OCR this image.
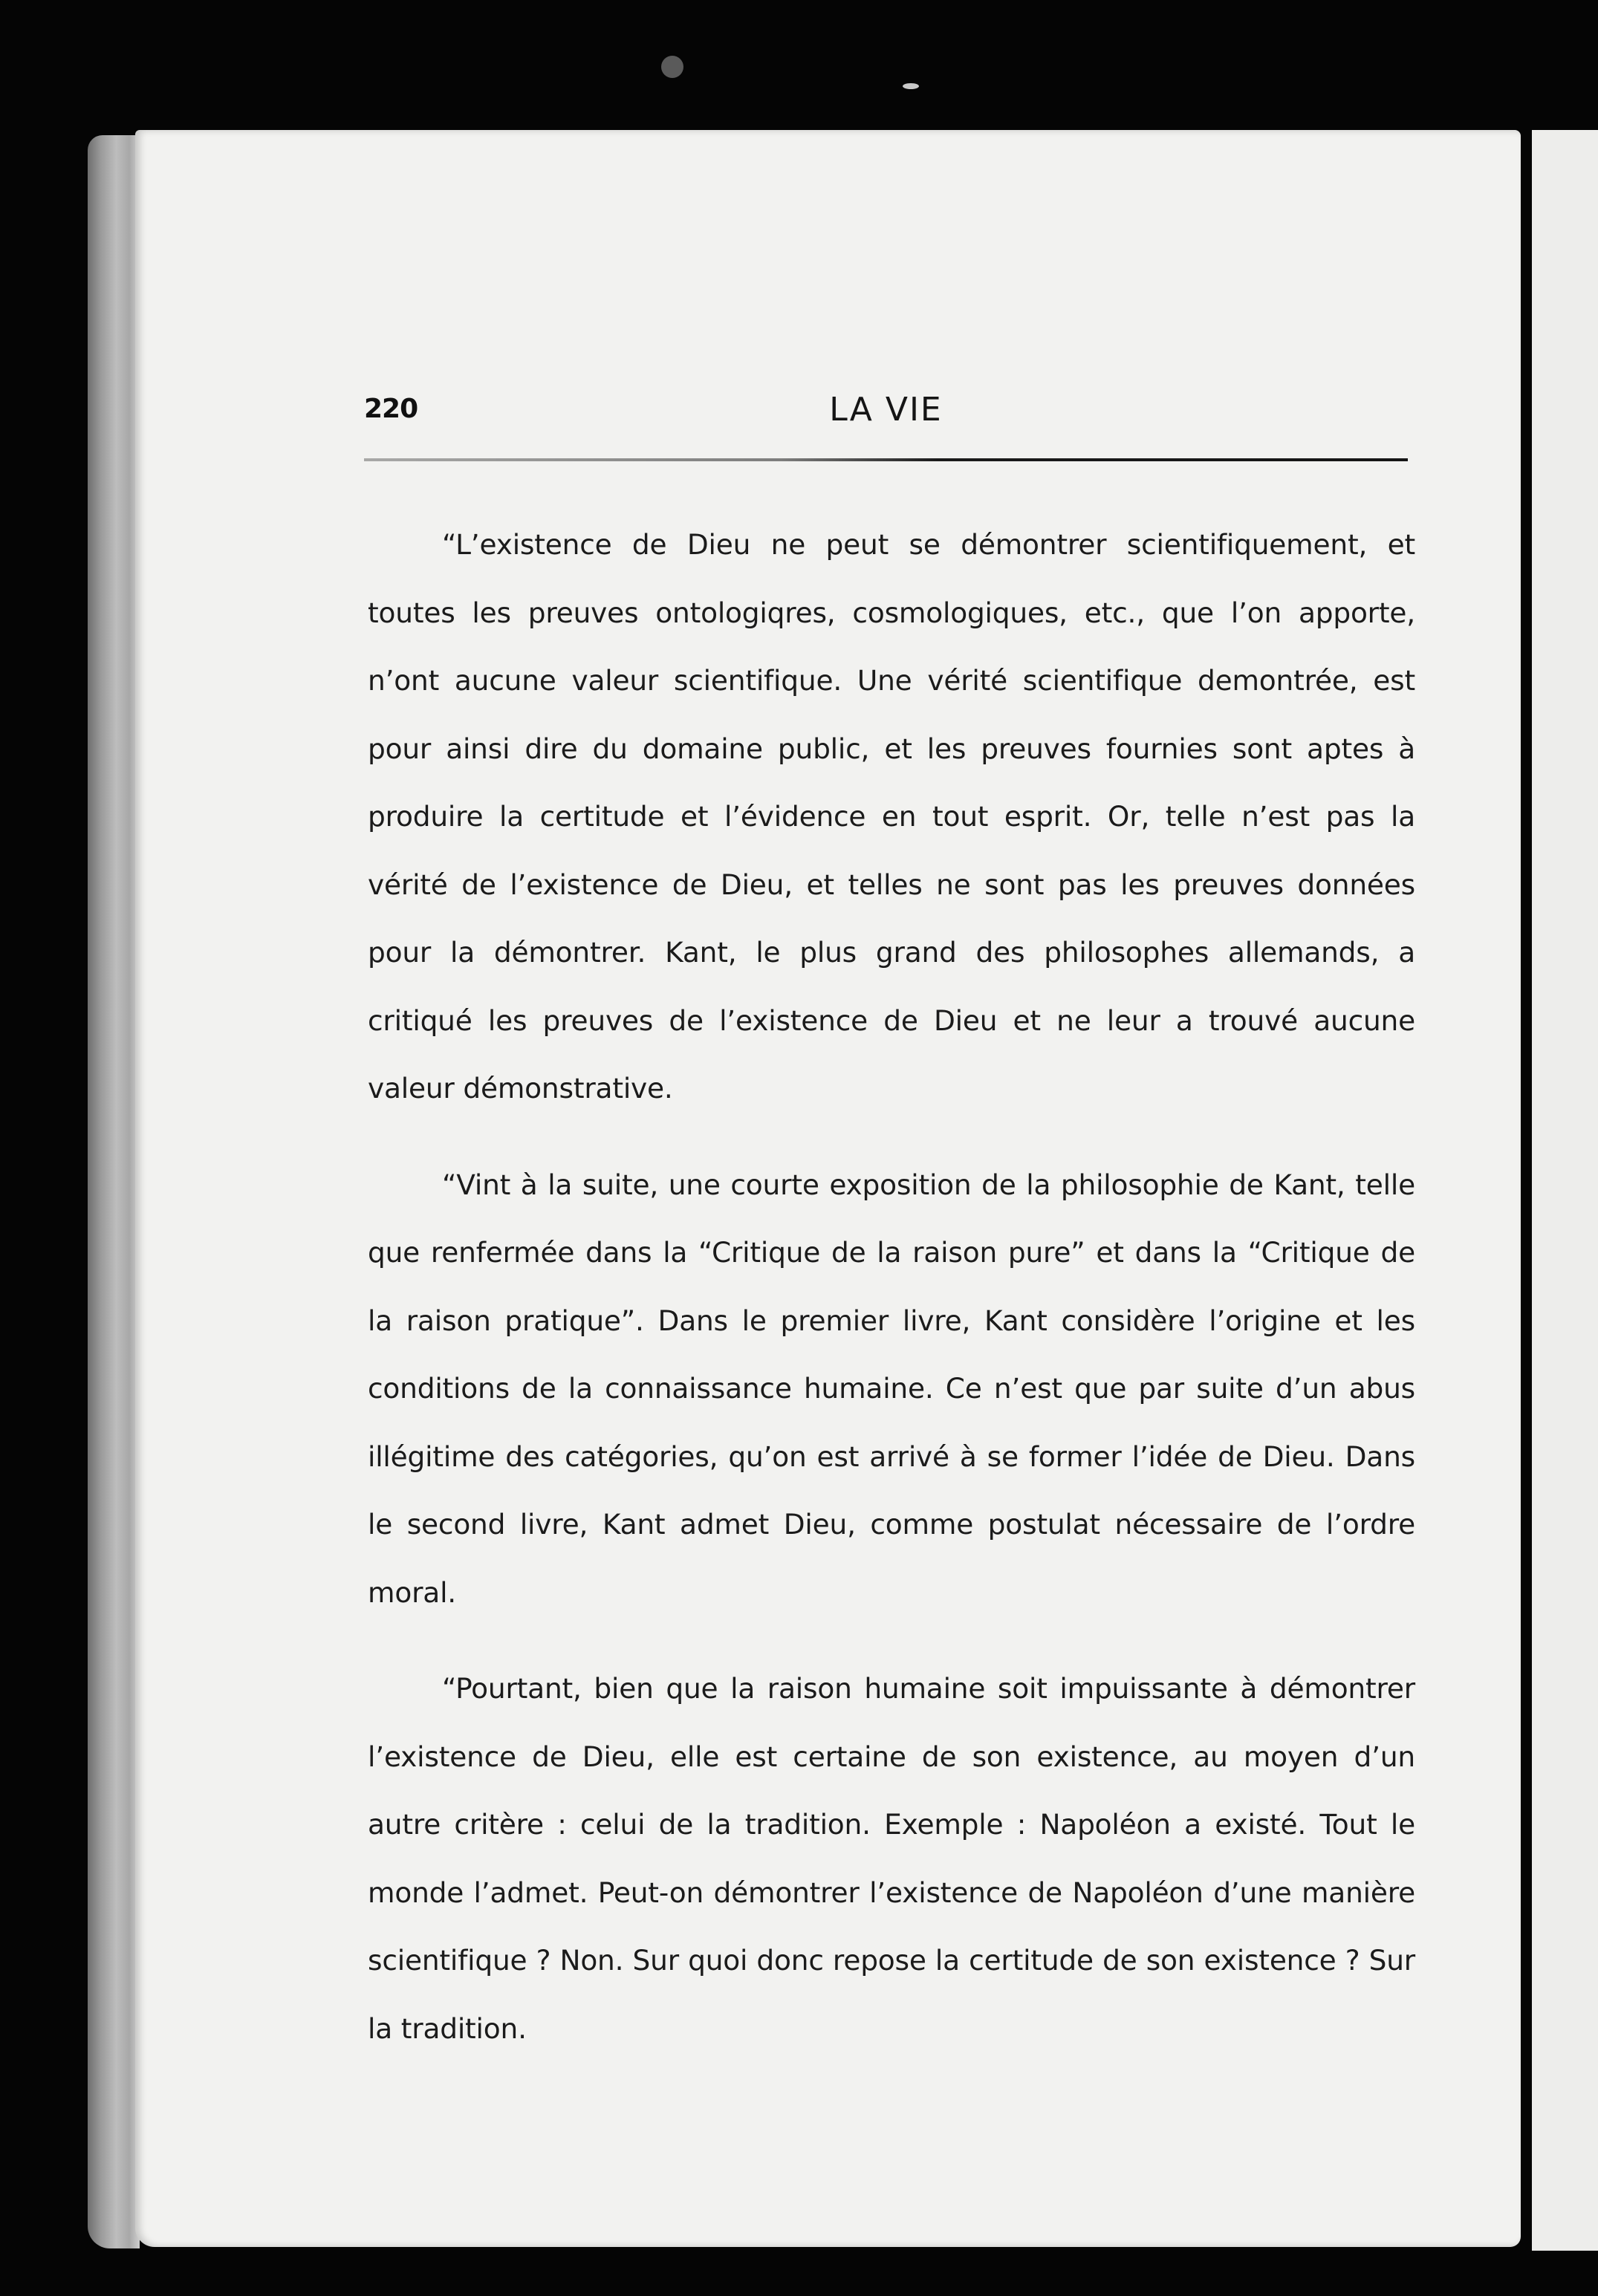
220	LA VIE

“L’existence de Dieu ne peut se démontrer scientifiquement, et toutes les preuves ontologiqres, cosmologiques, etc., que l’on apporte, n’ont aucune valeur scientifique. Une vérité scientifique demontrée, est pour ainsi dire du domaine public, et les preuves fournies sont aptes à produire la certitude et l’évidence en tout esprit. Or, telle n’est pas la vérité de l’existence de Dieu, et telles ne sont pas les preuves données pour la démontrer. Kant, le plus grand des philosophes allemands, a critiqué les preuves de l’existence de Dieu et ne leur a trouvé aucune valeur démonstrative.

“Vint à la suite, une courte exposition de la philosophie de Kant, telle que renfermée dans la “Critique de la raison pure” et dans la “Critique de la raison pratique”. Dans le premier livre, Kant considère l’origine et les conditions de la connaissance humaine. Ce n’est que par suite d’un abus illégitime des catégories, qu’on est arrivé à se former l’idée de Dieu. Dans le second livre, Kant admet Dieu, comme postulat nécessaire de l’ordre moral.

“Pourtant, bien que la raison humaine soit impuissante à démontrer l’existence de Dieu, elle est certaine de son existence, au moyen d’un autre critère : celui de la tradition. Exemple : Napoléon a existé. Tout le monde l’admet. Peut-on démontrer l’existence de Napoléon d’une manière scientifique ? Non. Sur quoi donc repose la certitude de son existence ? Sur la tradition.
